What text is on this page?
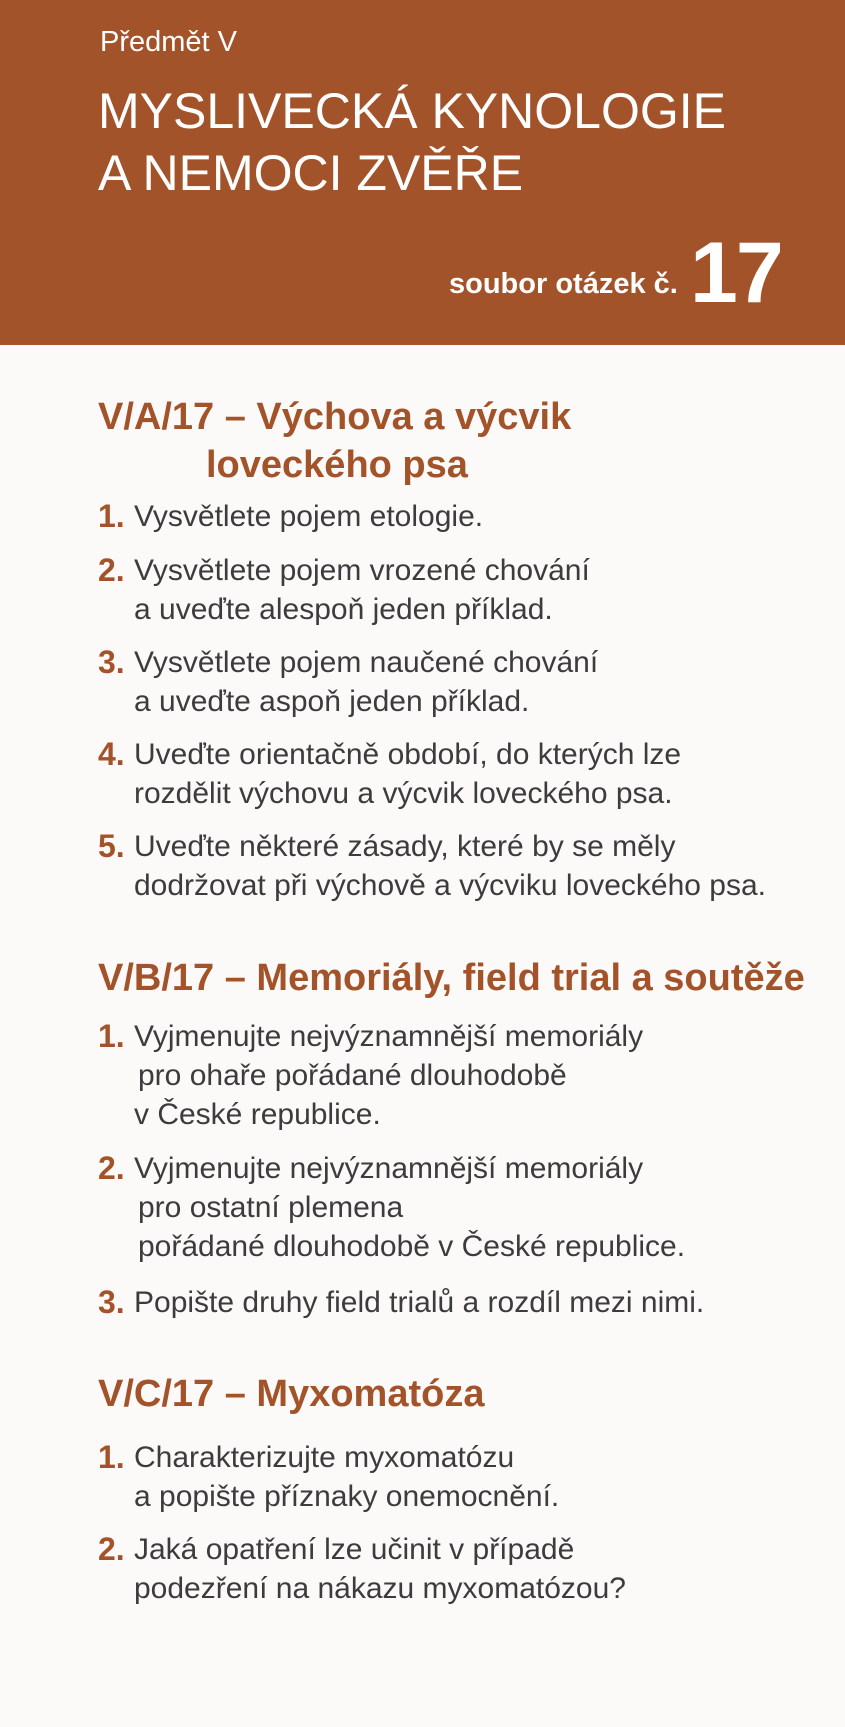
Předmět V
MYSLIVECKÁ KYNOLOGIE
A NEMOCI ZVĚŘE
soubor otázek č. 17
V/A/17 – Výchova a výcvik
loveckého psa
1. Vysvětlete pojem etologie.
2. Vysvětlete pojem vrozené chování
a uveďte alespoň jeden příklad.
3. Vysvětlete pojem naučené chování
a uveďte aspoň jeden příklad.
4. Uveďte orientačně období, do kterých lze
rozdělit výchovu a výcvik loveckého psa.
5. Uveďte některé zásady, které by se měly
dodržovat při výchově a výcviku loveckého psa.
V/B/17 – Memoriály, field trial a soutěže
1. Vyjmenujte nejvýznamnější memoriály
pro ohaře pořádané dlouhodobě
v České republice.
2. Vyjmenujte nejvýznamnější memoriály
pro ostatní plemena
pořádané dlouhodobě v České republice.
3. Popište druhy field trialů a rozdíl mezi nimi.
V/C/17 – Myxomatóza
1. Charakterizujte myxomatózu
a popište příznaky onemocnění.
2. Jaká opatření lze učinit v případě
podezření na nákazu myxomatózou?
